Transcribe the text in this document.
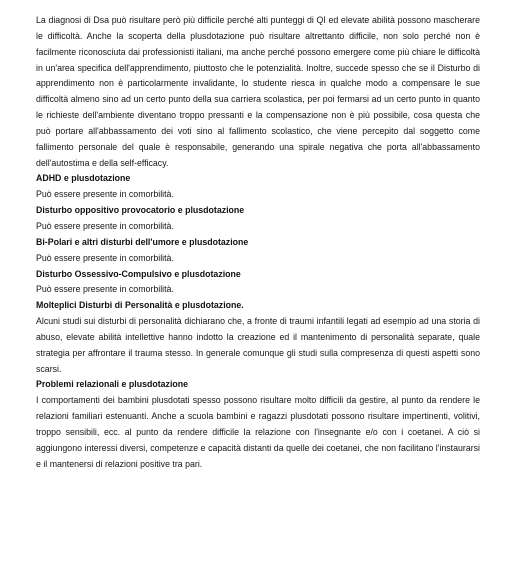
La diagnosi di Dsa può risultare però più difficile perché alti punteggi di QI ed elevate abilità possono mascherare le difficoltà. Anche la scoperta della plusdotazione può risultare altrettanto difficile, non solo perché non è facilmente riconosciuta dai professionisti italiani, ma anche perché possono emergere come più chiare le difficoltà in un'area specifica dell'apprendimento, piuttosto che le potenzialità. Inoltre, succede spesso che se il Disturbo di apprendimento non è particolarmente invalidante, lo studente riesca in qualche modo a compensare le sue difficoltà almeno sino ad un certo punto della sua carriera scolastica, per poi fermarsi ad un certo punto in quanto le richieste dell'ambiente diventano troppo pressanti e la compensazione non è più possibile, cosa questa che può portare all'abbassamento dei voti sino al fallimento scolastico, che viene percepito dal soggetto come fallimento personale del quale è responsabile, generando una spirale negativa che porta all'abbassamento dell'autostima e della self-efficacy.

ADHD e plusdotazione

Può essere presente in comorbilità.

Disturbo oppositivo provocatorio e plusdotazione

Può essere presente in comorbilità.

Bi-Polari e altri disturbi dell'umore e plusdotazione

Può essere presente in comorbilità.

Disturbo Ossessivo-Compulsivo e plusdotazione

Può essere presente in comorbilità.

Molteplici Disturbi di Personalità e plusdotazione.

Alcuni studi sui disturbi di personalità dichiarano che, a fronte di traumi infantili legati ad esempio ad una storia di abuso, elevate abilità intellettive hanno indotto la creazione ed il mantenimento di personalità separate, quale strategia per affrontare il trauma stesso. In generale comunque gli studi sulla compresenza di questi aspetti sono scarsi.

Problemi relazionali e plusdotazione

I comportamenti dei bambini plusdotati spesso possono risultare molto difficili da gestire, al punto da rendere le relazioni familiari estenuanti. Anche a scuola bambini e ragazzi plusdotati possono risultare impertinenti, volitivi, troppo sensibili, ecc. al punto da rendere difficile la relazione con l'insegnante e/o con i coetanei. A ciò si aggiungono interessi diversi, competenze e capacità distanti da quelle dei coetanei, che non facilitano l'instaurarsi e il mantenersi di relazioni positive tra pari.
